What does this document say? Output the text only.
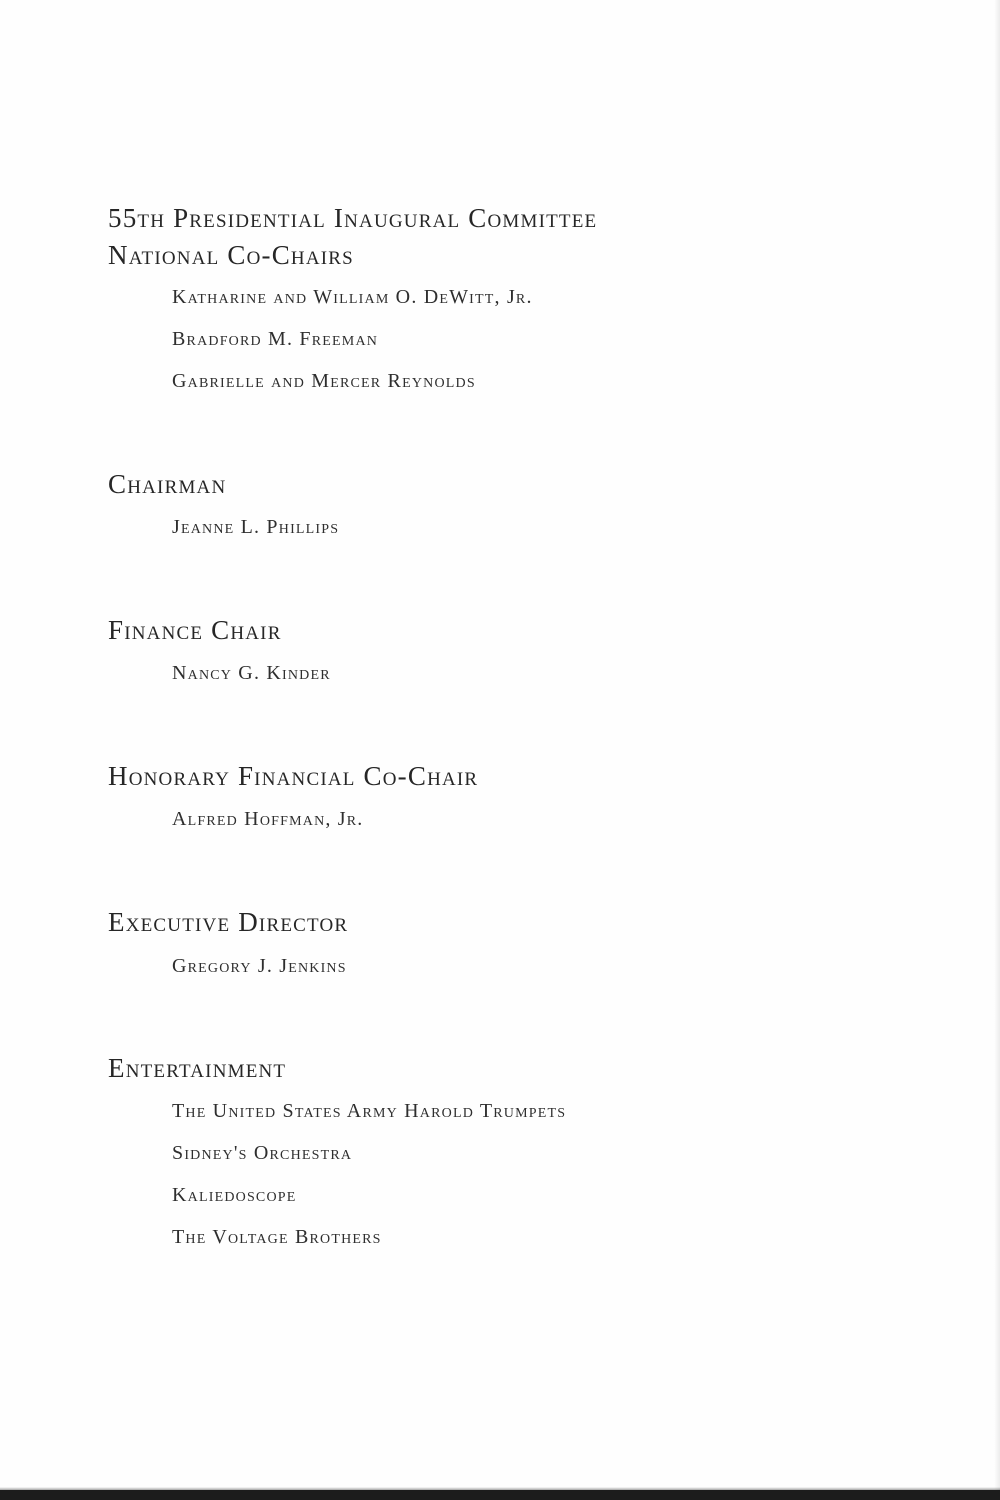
55th Presidential Inaugural Committee
National Co-Chairs
Katharine and William O. DeWitt, Jr.
Bradford M. Freeman
Gabrielle and Mercer Reynolds
Chairman
Jeanne L. Phillips
Finance Chair
Nancy G. Kinder
Honorary Financial Co-Chair
Alfred Hoffman, Jr.
Executive Director
Gregory J. Jenkins
Entertainment
The United States Army Harold Trumpets
Sidney's Orchestra
Kaliedoscope
The Voltage Brothers
